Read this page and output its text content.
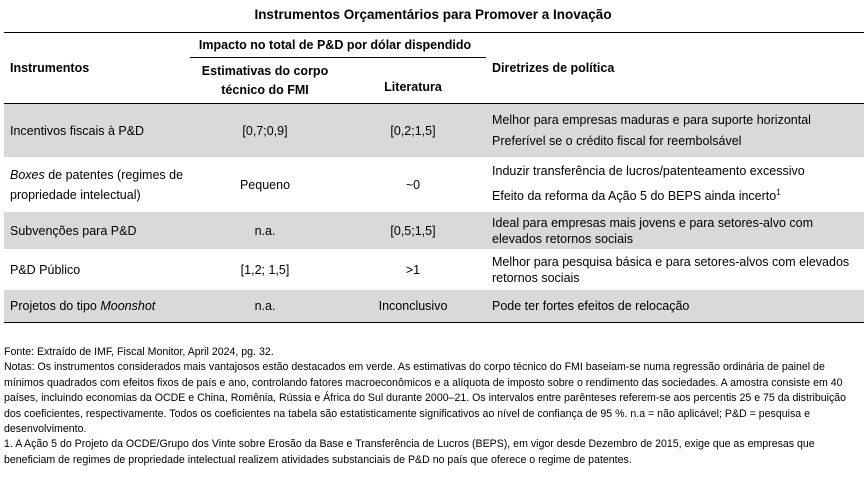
Instrumentos Orçamentários para Promover a Inovação
Instrumentos	Impacto no total de P&D por dólar dispendido		Diretrizes de política
	Estimativas do corpo técnico do FMI	Literatura	
Incentivos fiscais à P&D	[0,7;0,9]	[0,2;1,5]	Melhor para empresas maduras e para suporte horizontal
Preferível se o crédito fiscal for reembolsável

Boxes de patentes (regimes de propriedade intelectual)	Pequeno	~0	Induzir transferência de lucros/patenteamento excessivo
Efeito da reforma da Ação 5 do BEPS ainda incerto$^1$

Subvenções para P&D	n.a.	[0,5;1,5]	Ideal para empresas mais jovens e para setores-alvo com elevados retornos sociais
P&D Público	[1,2; 1,5]	>1	Melhor para pesquisa básica e para setores-alvos com elevados retornos sociais
Projetos do tipo Moonshot	n.a.	Inconclusivo	Pode ter fortes efeitos de relocação

Fonte: Extraído de IMF, Fiscal Monitor, April 2024, pg. 32.

Notas: Os instrumentos considerados mais vantajosos estão destacados em verde. As estimativas do corpo técnico do FMI baseiam-se numa regressão ordinária de painel de mínimos quadrados com efeitos fixos de país e ano, controlando fatores macroeconômicos e a alíquota de imposto sobre o rendimento das sociedades. A amostra consiste em 40 países, incluindo economias da OCDE e China, Romênia, Rússia e África do Sul durante 2000–21. Os intervalos entre parênteses referem-se aos percentis 25 e 75 da distribuição dos coeficientes, respectivamente. Todos os coeficientes na tabela são estatisticamente significativos ao nível de confiança de 95 %. n.a = não aplicável; P&D = pesquisa e desenvolvimento.

1. A Ação 5 do Projeto da OCDE/Grupo dos Vinte sobre Erosão da Base e Transferência de Lucros (BEPS), em vigor desde Dezembro de 2015, exige que as empresas que beneficiam de regimes de propriedade intelectual realizem atividades substanciais de P&D no país que oferece o regime de patentes.
